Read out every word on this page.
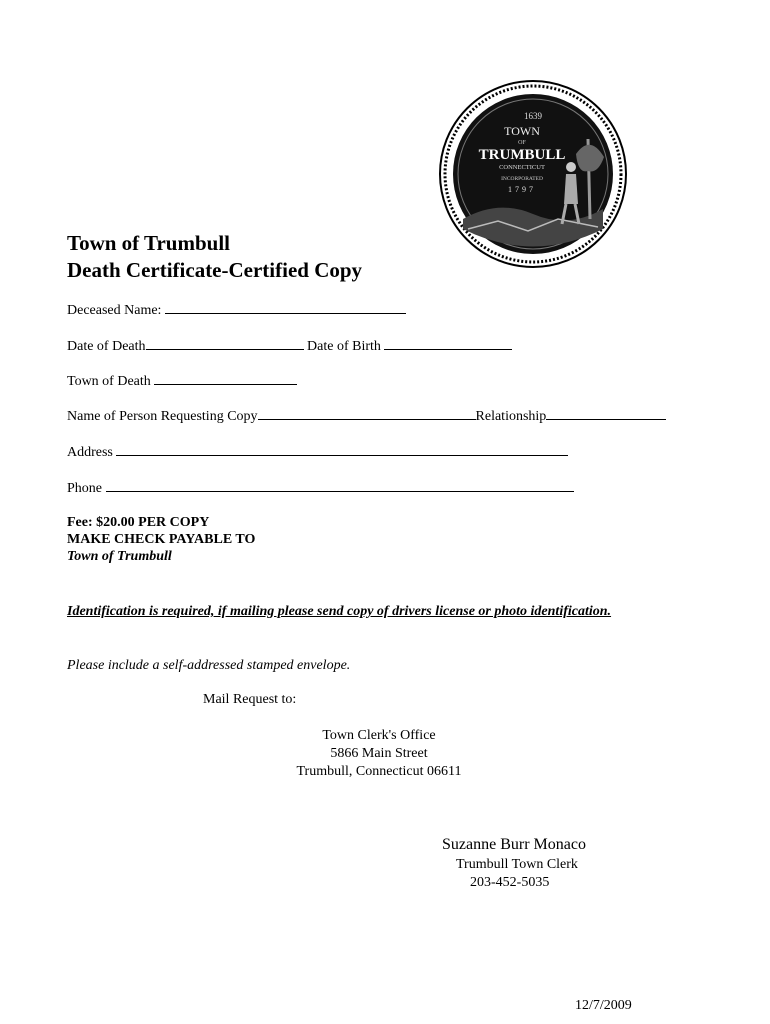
1639
TOWN
OF
TRUMBULL
CONNECTICUT
INCORPORATED
1797
Town of Trumbull
Death Certificate-Certified Copy
Deceased Name:
Date of Death	Date of Birth
Town of Death
Name of Person Requesting Copy	Relationship
Address
Phone
Fee: $20.00 PER COPY
MAKE CHECK PAYABLE TO
Town of Trumbull
Identification is required, if mailing please send copy of drivers license or photo identification.
Please include a self-addressed stamped envelope.
Mail Request to:
Town Clerk's Office
5866 Main Street
Trumbull, Connecticut 06611
Suzanne Burr Monaco
Trumbull Town Clerk
203-452-5035
12/7/2009
